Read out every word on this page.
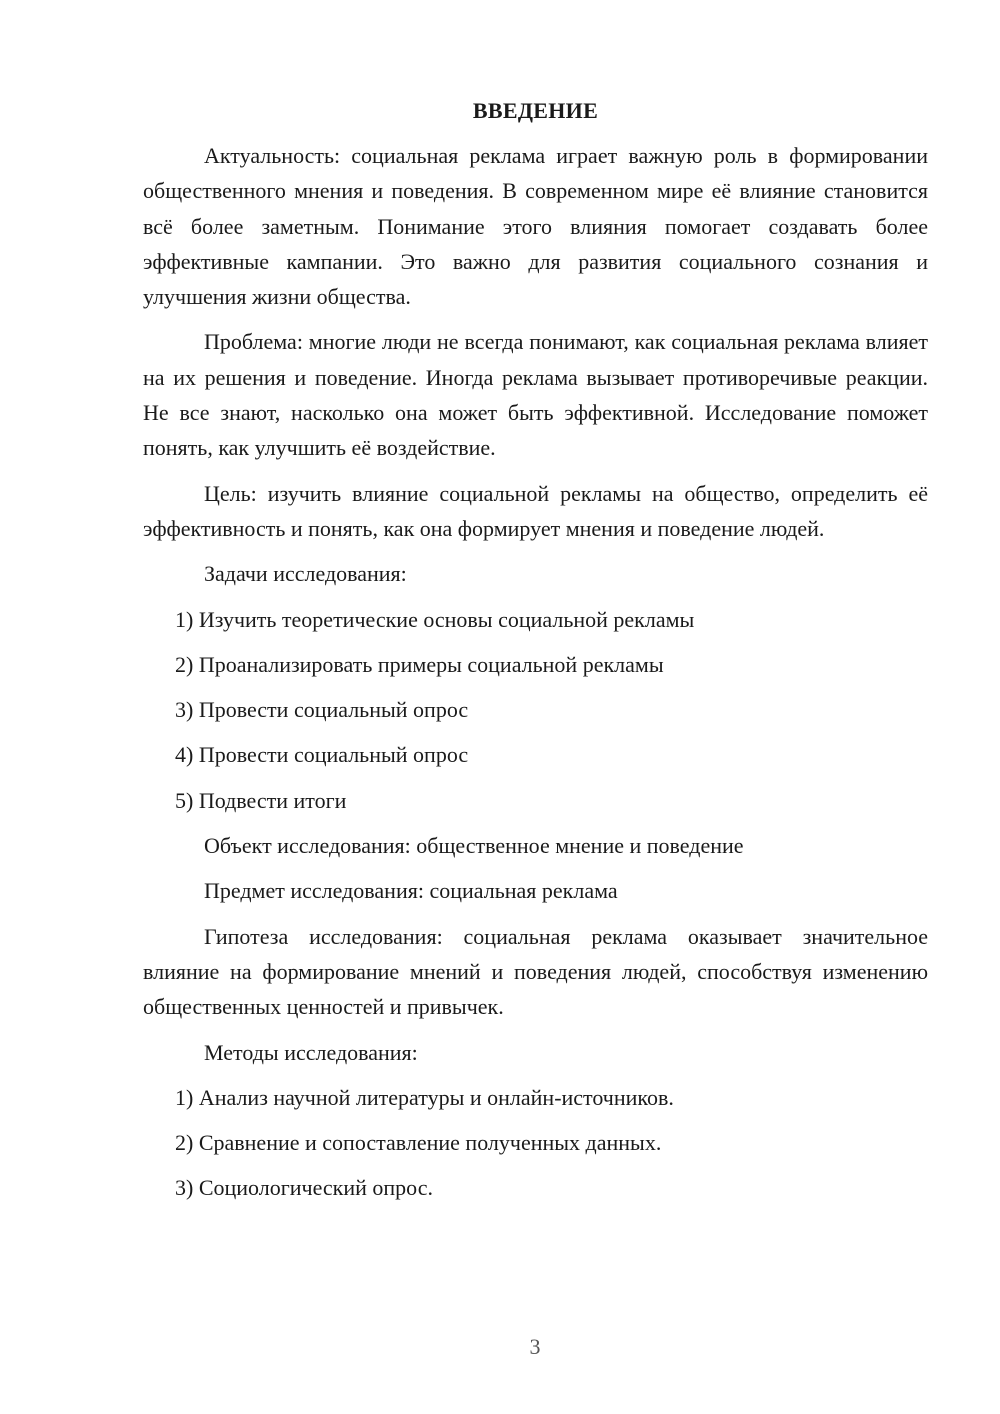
ВВЕДЕНИЕ

Актуальность: социальная реклама играет важную роль в формировании общественного мнения и поведения. В современном мире её влияние становится всё более заметным. Понимание этого влияния помогает создавать более эффективные кампании. Это важно для развития социального сознания и улучшения жизни общества.

Проблема: многие люди не всегда понимают, как социальная реклама влияет на их решения и поведение. Иногда реклама вызывает противоречивые реакции. Не все знают, насколько она может быть эффективной. Исследование поможет понять, как улучшить её воздействие.

Цель: изучить влияние социальной рекламы на общество, определить её эффективность и понять, как она формирует мнения и поведение людей.

Задачи исследования:
1) Изучить теоретические основы социальной рекламы
2) Проанализировать примеры социальной рекламы
3) Провести социальный опрос
4) Провести социальный опрос
5) Подвести итоги
Объект исследования: общественное мнение и поведение
Предмет исследования: социальная реклама

Гипотеза исследования: социальная реклама оказывает значительное влияние на формирование мнений и поведения людей, способствуя изменению общественных ценностей и привычек.

Методы исследования:
1) Анализ научной литературы и онлайн-источников.
2) Сравнение и сопоставление полученных данных.
3) Социологический опрос.
3
